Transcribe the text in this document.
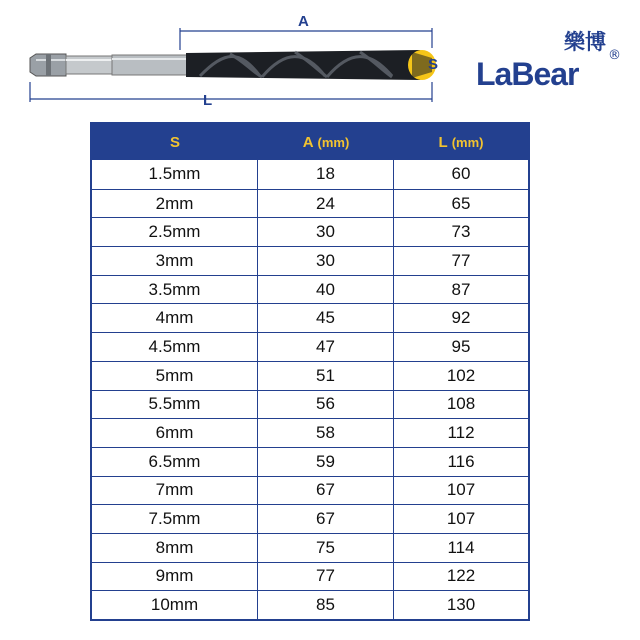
A
S
L
樂博
®
LaBear
S	A (mm)	L (mm)
1.5mm	18	60
2mm	24	65
2.5mm	30	73
3mm	30	77
3.5mm	40	87
4mm	45	92
4.5mm	47	95
5mm	51	102
5.5mm	56	108
6mm	58	112
6.5mm	59	116
7mm	67	107
7.5mm	67	107
8mm	75	114
9mm	77	122
10mm	85	130
